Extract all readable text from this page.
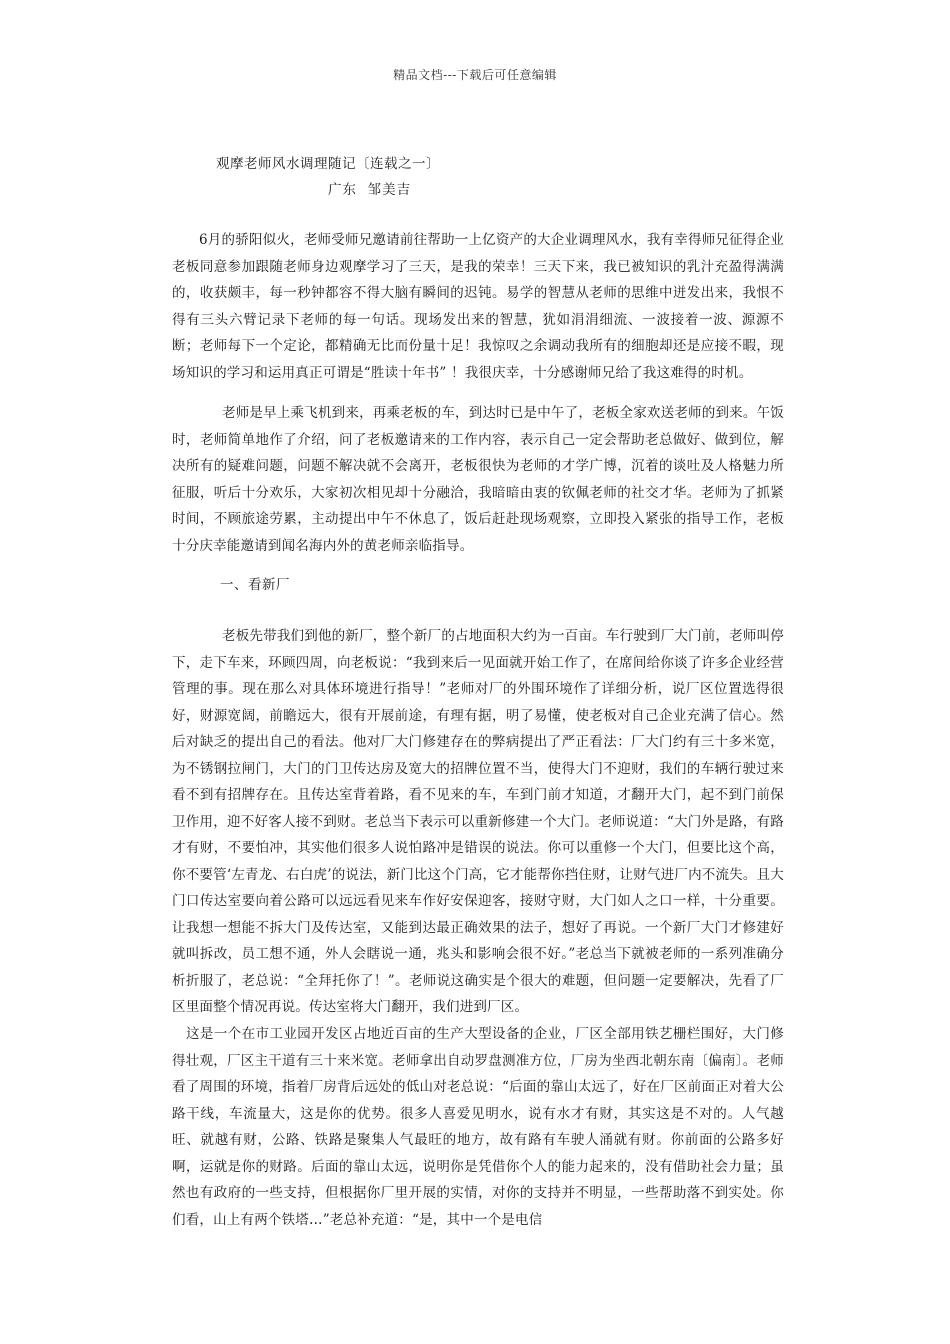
精品文档---下载后可任意编辑
观摩老师风水调理随记〔连载之一〕
广东  邹美吉

6月的骄阳似火，老师受师兄邀请前往帮助一上亿资产的大企业调理风水，我有幸得师兄征得企业老板同意参加跟随老师身边观摩学习了三天，是我的荣幸！三天下来，我已被知识的乳汁充盈得满满的，收获颇丰，每一秒钟都容不得大脑有瞬间的迟钝。易学的智慧从老师的思维中迸发出来，我恨不得有三头六臂记录下老师的每一句话。现场发出来的智慧，犹如涓涓细流、一波接着一波、源源不断；老师每下一个定论，都精确无比而份量十足！我惊叹之余调动我所有的细胞却还是应接不暇，现场知识的学习和运用真正可谓是“胜读十年书” ！我很庆幸，十分感谢师兄给了我这难得的时机。

老师是早上乘飞机到来，再乘老板的车，到达时已是中午了，老板全家欢送老师的到来。午饭时，老师简单地作了介绍，问了老板邀请来的工作内容，表示自己一定会帮助老总做好、做到位，解决所有的疑难问题，问题不解决就不会离开，老板很快为老师的才学广博，沉着的谈吐及人格魅力所征服，听后十分欢乐，大家初次相见却十分融洽，我暗暗由衷的钦佩老师的社交才华。老师为了抓紧时间，不顾旅途劳累，主动提出中午不休息了，饭后赶赴现场观察，立即投入紧张的指导工作，老板十分庆幸能邀请到闻名海内外的黄老师亲临指导。

一、看新厂

老板先带我们到他的新厂，整个新厂的占地面积大约为一百亩。车行驶到厂大门前，老师叫停下，走下车来，环顾四周，向老板说：“我到来后一见面就开始工作了，在席间给你谈了许多企业经营管理的事。现在那么对具体环境进行指导！”老师对厂的外围环境作了详细分析，说厂区位置选得很好，财源宽阔，前瞻远大，很有开展前途，有理有据，明了易懂，使老板对自己企业充满了信心。然后对缺乏的提出自己的看法。他对厂大门修建存在的弊病提出了严正看法：厂大门约有三十多米宽，为不锈钢拉闸门，大门的门卫传达房及宽大的招牌位置不当，使得大门不迎财，我们的车辆行驶过来看不到有招牌存在。且传达室背着路，看不见来的车，车到门前才知道，才翻开大门，起不到门前保卫作用，迎不好客人接不到财。老总当下表示可以重新修建一个大门。老师说道：“大门外是路，有路才有财，不要怕冲，其实他们很多人说怕路冲是错误的说法。你可以重修一个大门，但要比这个高，你不要管‘左青龙、右白虎’的说法，新门比这个门高，它才能帮你挡住财，让财气进厂内不流失。且大门口传达室要向着公路可以远远看见来车作好安保迎客，接财守财，大门如人之口一样，十分重要。让我想一想能不拆大门及传达室，又能到达最正确效果的法子，想好了再说。一个新厂大门才修建好就叫拆改，员工想不通，外人会瞎说一通，兆头和影响会很不好。”老总当下就被老师的一系列准确分析折服了，老总说：“全拜托你了！”。老师说这确实是个很大的难题，但问题一定要解决，先看了厂区里面整个情况再说。传达室将大门翻开，我们进到厂区。

这是一个在市工业园开发区占地近百亩的生产大型设备的企业，厂区全部用铁艺栅栏围好，大门修得壮观，厂区主干道有三十来米宽。老师拿出自动罗盘测准方位，厂房为坐西北朝东南〔偏南〕。老师看了周围的环境，指着厂房背后远处的低山对老总说：“后面的靠山太远了，好在厂区前面正对着大公路干线，车流量大，这是你的优势。很多人喜爱见明水，说有水才有财，其实这是不对的。人气越旺、就越有财，公路、铁路是聚集人气最旺的地方，故有路有车驶人涌就有财。你前面的公路多好啊，运就是你的财路。后面的靠山太远，说明你是凭借你个人的能力起来的，没有借助社会力量；虽然也有政府的一些支持，但根据你厂里开展的实情，对你的支持并不明显，一些帮助落不到实处。你们看，山上有两个铁塔…”老总补充道：“是，其中一个是电信
